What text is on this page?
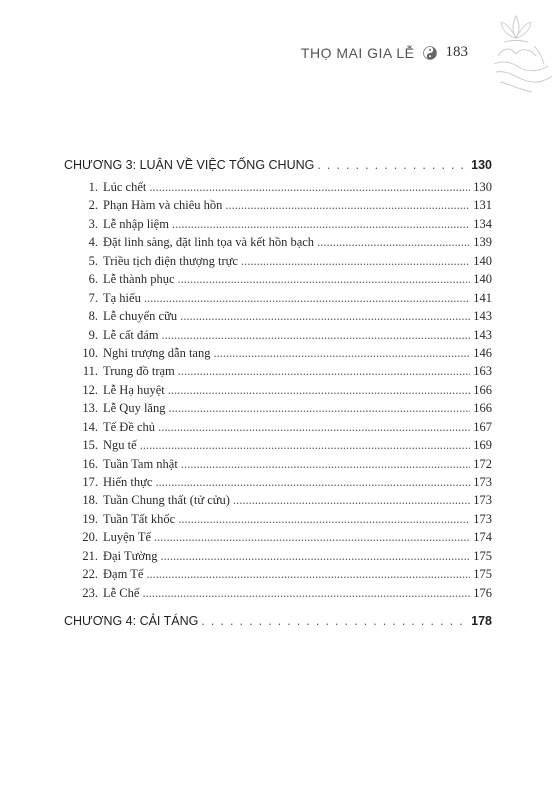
THỌ MAI GIA LỄ 183
CHƯƠNG 3: LUẬN VỀ VIỆC TỐNG CHUNG . . .	130
1. Lúc chết .....	130
2. Phạn Hàm và chiêu hồn .....	131
3. Lễ nhập liệm .....	134
4. Đặt linh sàng, đặt linh tọa và kết hồn bạch .....	139
5. Triều tịch điện thượng trực .....	140
6. Lễ thành phục .....	140
7. Tạ hiếu .....	141
8. Lễ chuyển cữu .....	143
9. Lễ cất đám .....	143
10. Nghi trượng dẫn tang .....	146
11. Trung đồ trạm .....	163
12. Lễ Hạ huyệt .....	166
13. Lễ Quy lăng .....	166
14. Tế Đề chủ .....	167
15. Ngu tế .....	169
16. Tuần Tam nhật .....	172
17. Hiến thực .....	173
18. Tuần Chung thất (tử cửu) .....	173
19. Tuần Tất khốc .....	173
20. Luyện Tế .....	174
21. Đại Tường .....	175
22. Đạm Tế .....	175
23. Lễ Chế .....	176
CHƯƠNG 4: CẢI TÁNG . . .	178
